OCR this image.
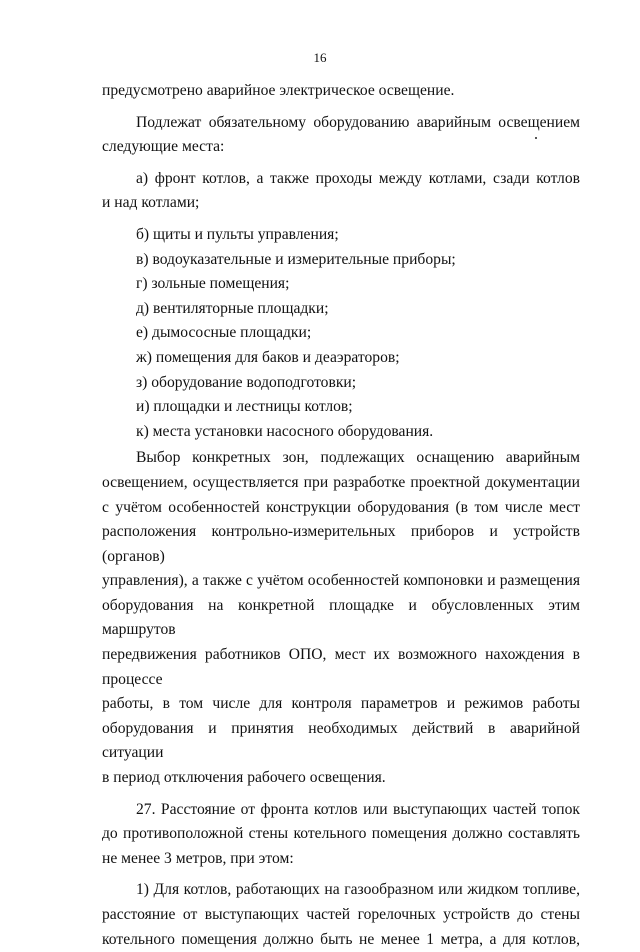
16

предусмотрено аварийное электрическое освещение.

Подлежат обязательному оборудованию аварийным освещением
следующие места:

а) фронт котлов, а также проходы между котлами, сзади котлов
и над котлами;

б) щиты и пульты управления;

в) водоуказательные и измерительные приборы;

г) зольные помещения;

д) вентиляторные площадки;

е) дымососные площадки;

ж) помещения для баков и деаэраторов;

з) оборудование водоподготовки;

и) площадки и лестницы котлов;

к) места установки насосного оборудования.

Выбор конкретных зон, подлежащих оснащению аварийным
освещением, осуществляется при разработке проектной документации
с учётом особенностей конструкции оборудования (в том числе мест
расположения контрольно-измерительных приборов и устройств (органов)
управления), а также с учётом особенностей компоновки и размещения
оборудования на конкретной площадке и обусловленных этим маршрутов
передвижения работников ОПО, мест их возможного нахождения в процессе
работы, в том числе для контроля параметров и режимов работы
оборудования и принятия необходимых действий в аварийной ситуации
в период отключения рабочего освещения.

27. Расстояние от фронта котлов или выступающих частей топок
до противоположной стены котельного помещения должно составлять
не менее 3 метров, при этом:

1) Для котлов, работающих на газообразном или жидком топливе,
расстояние от выступающих частей горелочных устройств до стены
котельного помещения должно быть не менее 1 метра, а для котлов,
